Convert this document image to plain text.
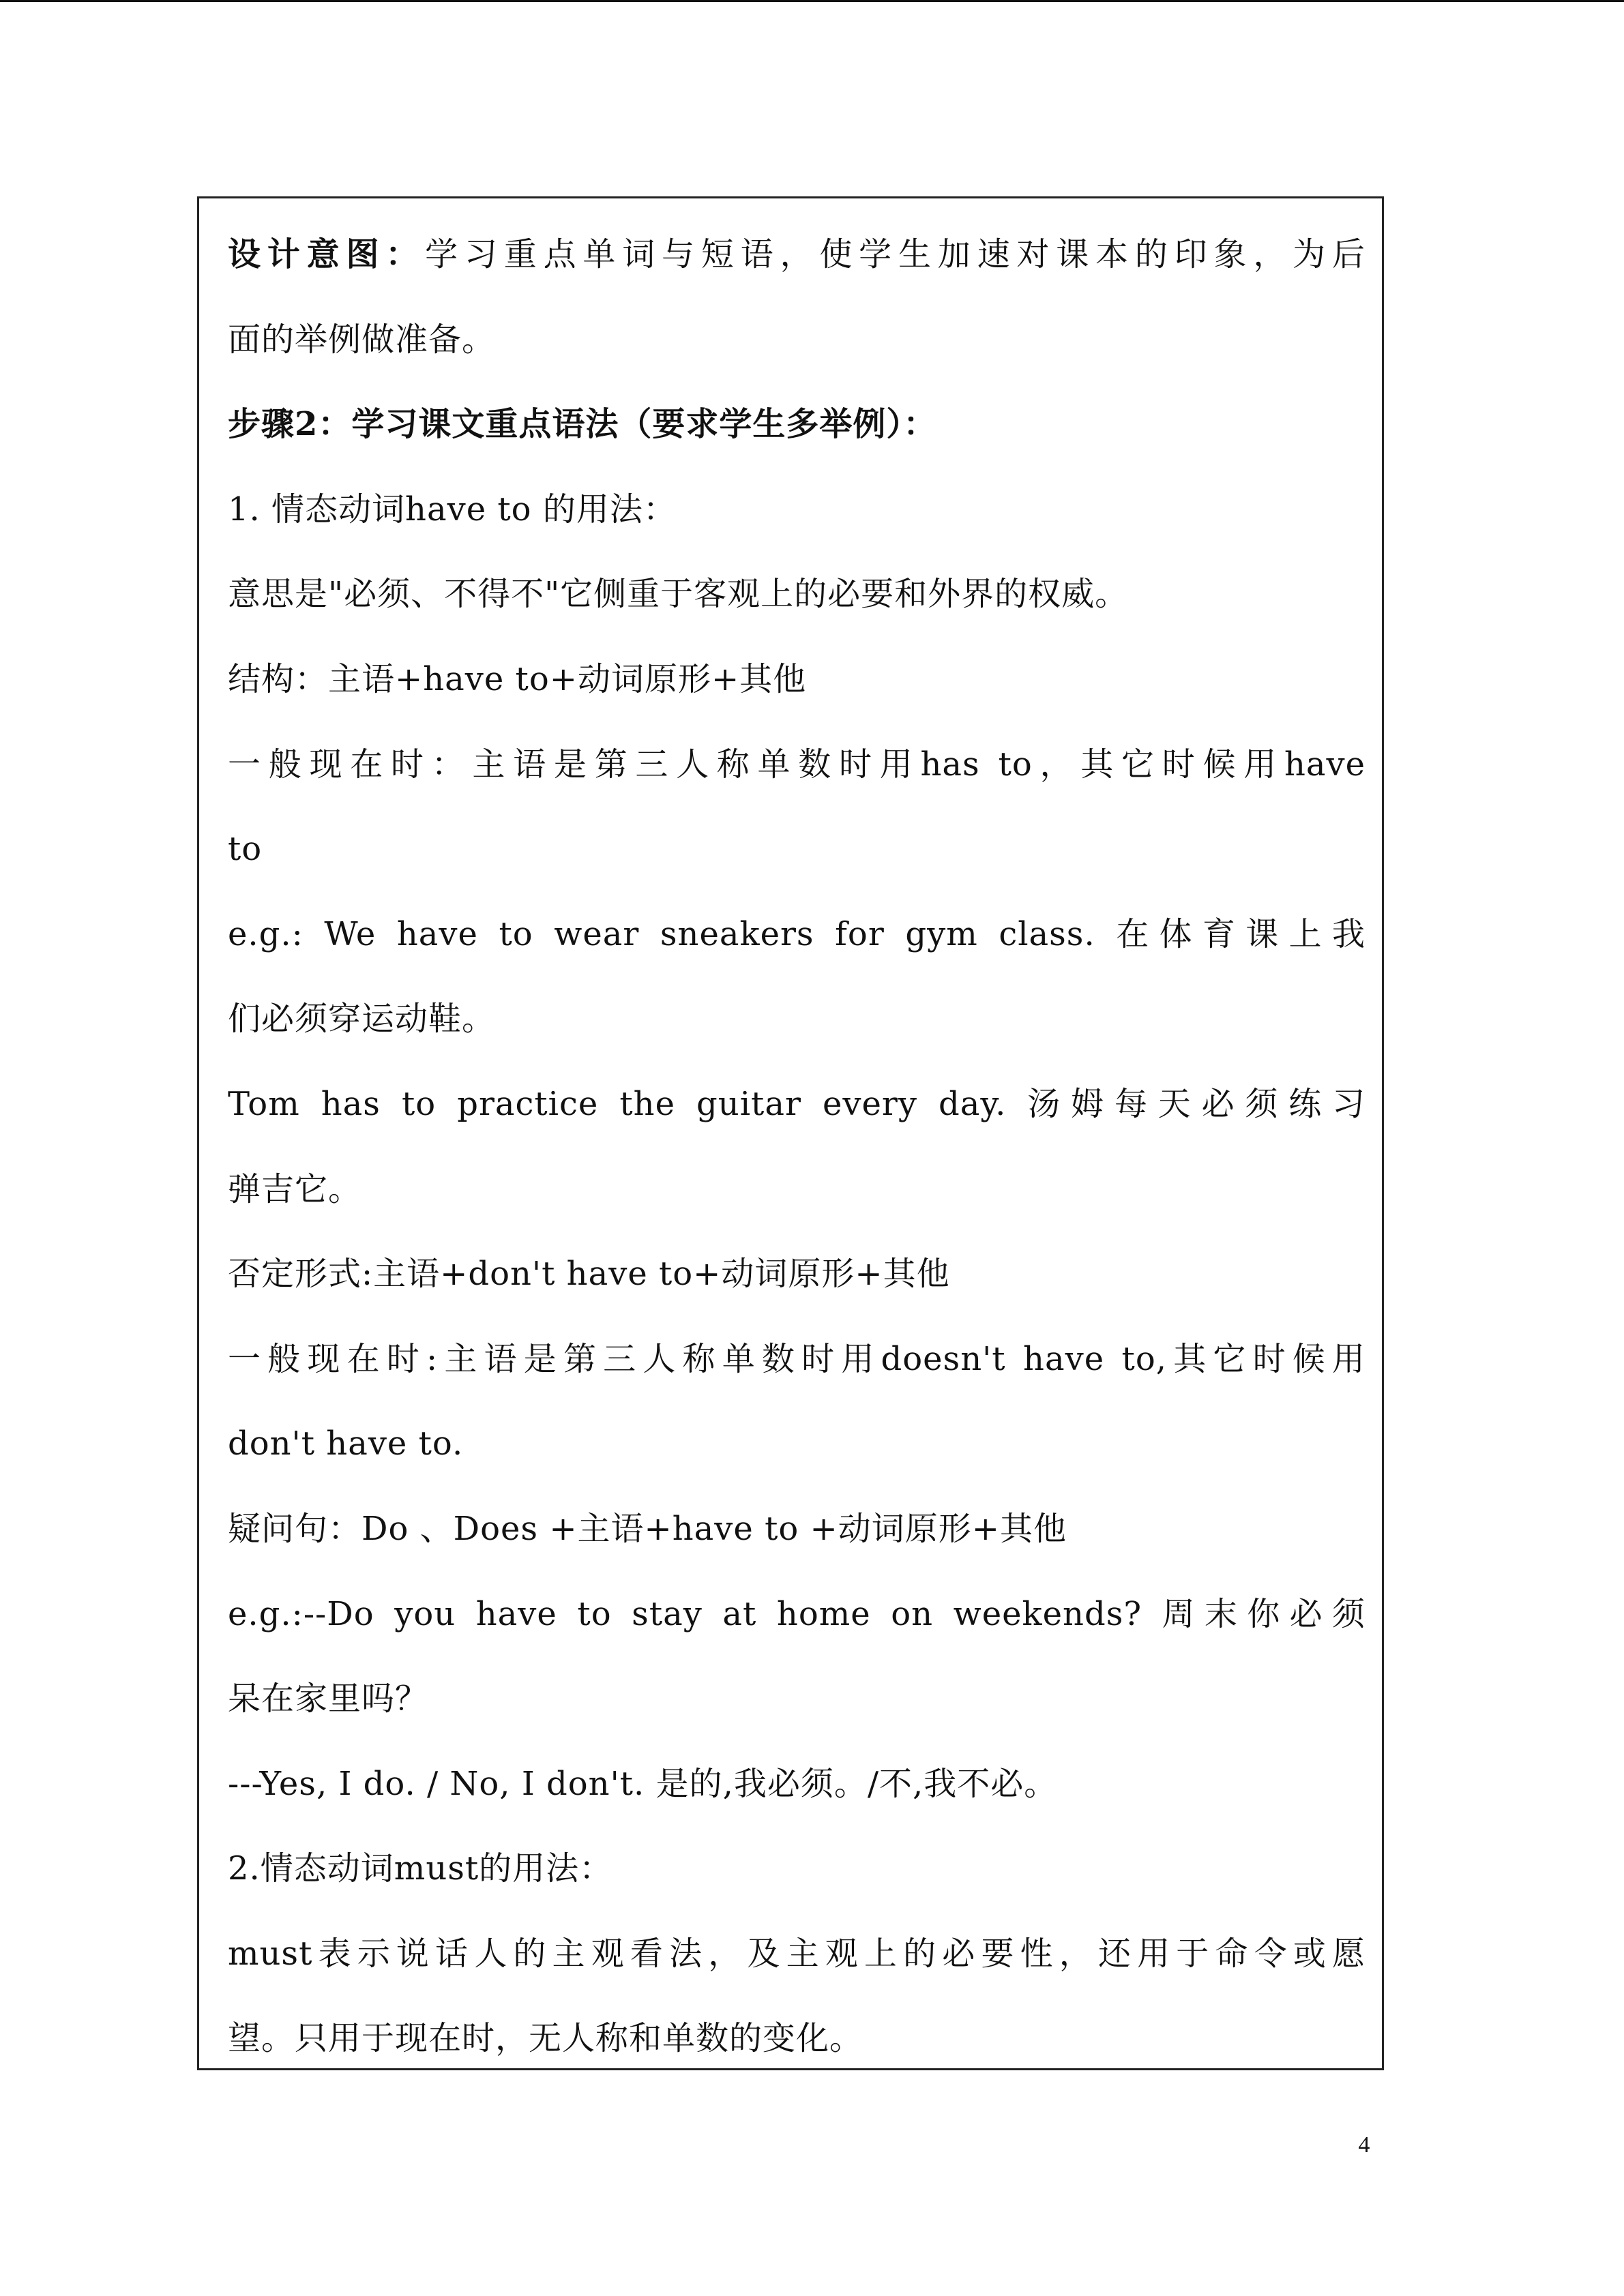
设计意图：学习重点单词与短语，使学生加速对课本的印象，为后
面的举例做准备。
步骤2：学习课文重点语法（要求学生多举例）：
1. 情态动词have to 的用法：
意思是"必须、不得不"它侧重于客观上的必要和外界的权威。
结构：主语+have to+动词原形+其他
一般现在时：主语是第三人称单数时用has to，其它时候用have
to
e.g.: We have to wear sneakers for gym class. 在体育课上我
们必须穿运动鞋。
Tom has to practice the guitar every day. 汤姆每天必须练习
弹吉它。
否定形式:主语+don't have to+动词原形+其他
一般现在时:主语是第三人称单数时用doesn't have to,其它时候用
don't have to.
疑问句：Do 、Does +主语+have to +动词原形+其他
e.g.:--Do you have to stay at home on weekends? 周末你必须
呆在家里吗？
---Yes, I do. / No, I don't. 是的,我必须。/不,我不必。
2.情态动词must的用法：
must表示说话人的主观看法，及主观上的必要性，还用于命令或愿
望。只用于现在时，无人称和单数的变化。
4
